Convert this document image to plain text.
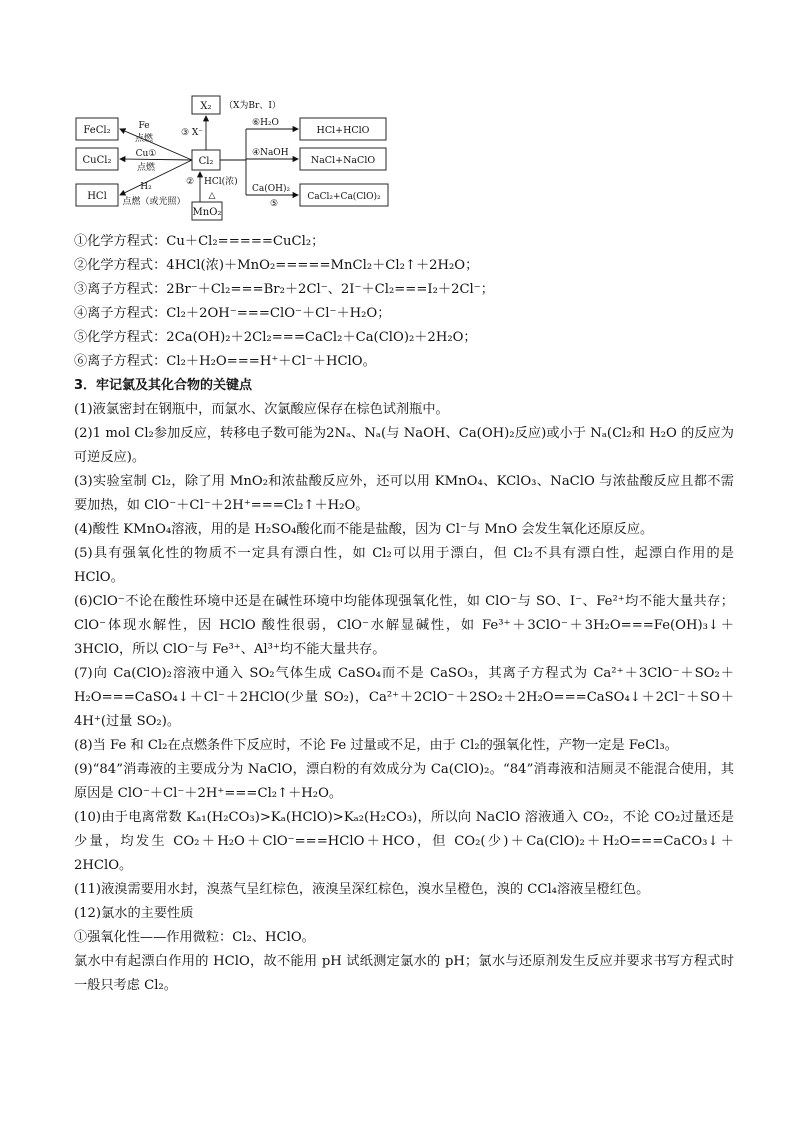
FeCl₂
CuCl₂
HCl
X₂ （X为Br、I）
③ X⁻
Cl₂
MnO₂
Fe
点燃
Cu①
点燃
H₂
点燃（或光照）
② HCl(浓)
△
⑥H₂O
④NaOH
Ca(OH)₂
⑤
HCl+HClO
NaCl+NaClO
CaCl₂+Ca(ClO)₂
①化学方程式：Cu＋Cl₂=====CuCl₂；
②化学方程式：4HCl(浓)＋MnO₂=====MnCl₂＋Cl₂↑＋2H₂O；
③离子方程式：2Br⁻＋Cl₂===Br₂＋2Cl⁻、2I⁻＋Cl₂===I₂＋2Cl⁻；
④离子方程式：Cl₂＋2OH⁻===ClO⁻＋Cl⁻＋H₂O；
⑤化学方程式：2Ca(OH)₂＋2Cl₂===CaCl₂＋Ca(ClO)₂＋2H₂O；
⑥离子方程式：Cl₂＋H₂O===H⁺＋Cl⁻＋HClO。
3．牢记氯及其化合物的关键点
(1)液氯密封在钢瓶中，而氯水、次氯酸应保存在棕色试剂瓶中。
(2)1 mol Cl₂参加反应，转移电子数可能为2Nₐ、Nₐ(与 NaOH、Ca(OH)₂反应)或小于 Nₐ(Cl₂和 H₂O 的反应为可逆反应)。
(3)实验室制 Cl₂，除了用 MnO₂和浓盐酸反应外，还可以用 KMnO₄、KClO₃、NaClO 与浓盐酸反应且都不需要加热，如 ClO⁻＋Cl⁻＋2H⁺===Cl₂↑＋H₂O。
(4)酸性 KMnO₄溶液，用的是 H₂SO₄酸化而不能是盐酸，因为 Cl⁻与 MnO 会发生氧化还原反应。
(5)具有强氧化性的物质不一定具有漂白性，如 Cl₂可以用于漂白，但 Cl₂不具有漂白性，起漂白作用的是 HClO。
(6)ClO⁻不论在酸性环境中还是在碱性环境中均能体现强氧化性，如 ClO⁻与 SO、I⁻、Fe²⁺均不能大量共存；ClO⁻体现水解性，因 HClO 酸性很弱，ClO⁻水解显碱性，如 Fe³⁺＋3ClO⁻＋3H₂O===Fe(OH)₃↓＋3HClO，所以 ClO⁻与 Fe³⁺、Al³⁺均不能大量共存。
(7)向 Ca(ClO)₂溶液中通入 SO₂气体生成 CaSO₄而不是 CaSO₃，其离子方程式为 Ca²⁺＋3ClO⁻＋SO₂＋H₂O===CaSO₄↓＋Cl⁻＋2HClO(少量 SO₂)，Ca²⁺＋2ClO⁻＋2SO₂＋2H₂O===CaSO₄↓＋2Cl⁻＋SO＋4H⁺(过量 SO₂)。
(8)当 Fe 和 Cl₂在点燃条件下反应时，不论 Fe 过量或不足，由于 Cl₂的强氧化性，产物一定是 FeCl₃。
(9)“84”消毒液的主要成分为 NaClO，漂白粉的有效成分为 Ca(ClO)₂。“84”消毒液和洁厕灵不能混合使用，其原因是 ClO⁻＋Cl⁻＋2H⁺===Cl₂↑＋H₂O。
(10)由于电离常数 Kₐ₁(H₂CO₃)>Kₐ(HClO)>Kₐ₂(H₂CO₃)，所以向 NaClO 溶液通入 CO₂，不论 CO₂过量还是少量，均发生 CO₂＋H₂O＋ClO⁻===HClO＋HCO，但 CO₂(少)＋Ca(ClO)₂＋H₂O===CaCO₃↓＋2HClO。
(11)液溴需要用水封，溴蒸气呈红棕色，液溴呈深红棕色，溴水呈橙色，溴的 CCl₄溶液呈橙红色。
(12)氯水的主要性质
①强氧化性——作用微粒：Cl₂、HClO。
氯水中有起漂白作用的 HClO，故不能用 pH 试纸测定氯水的 pH；氯水与还原剂发生反应并要求书写方程式时一般只考虑 Cl₂。
